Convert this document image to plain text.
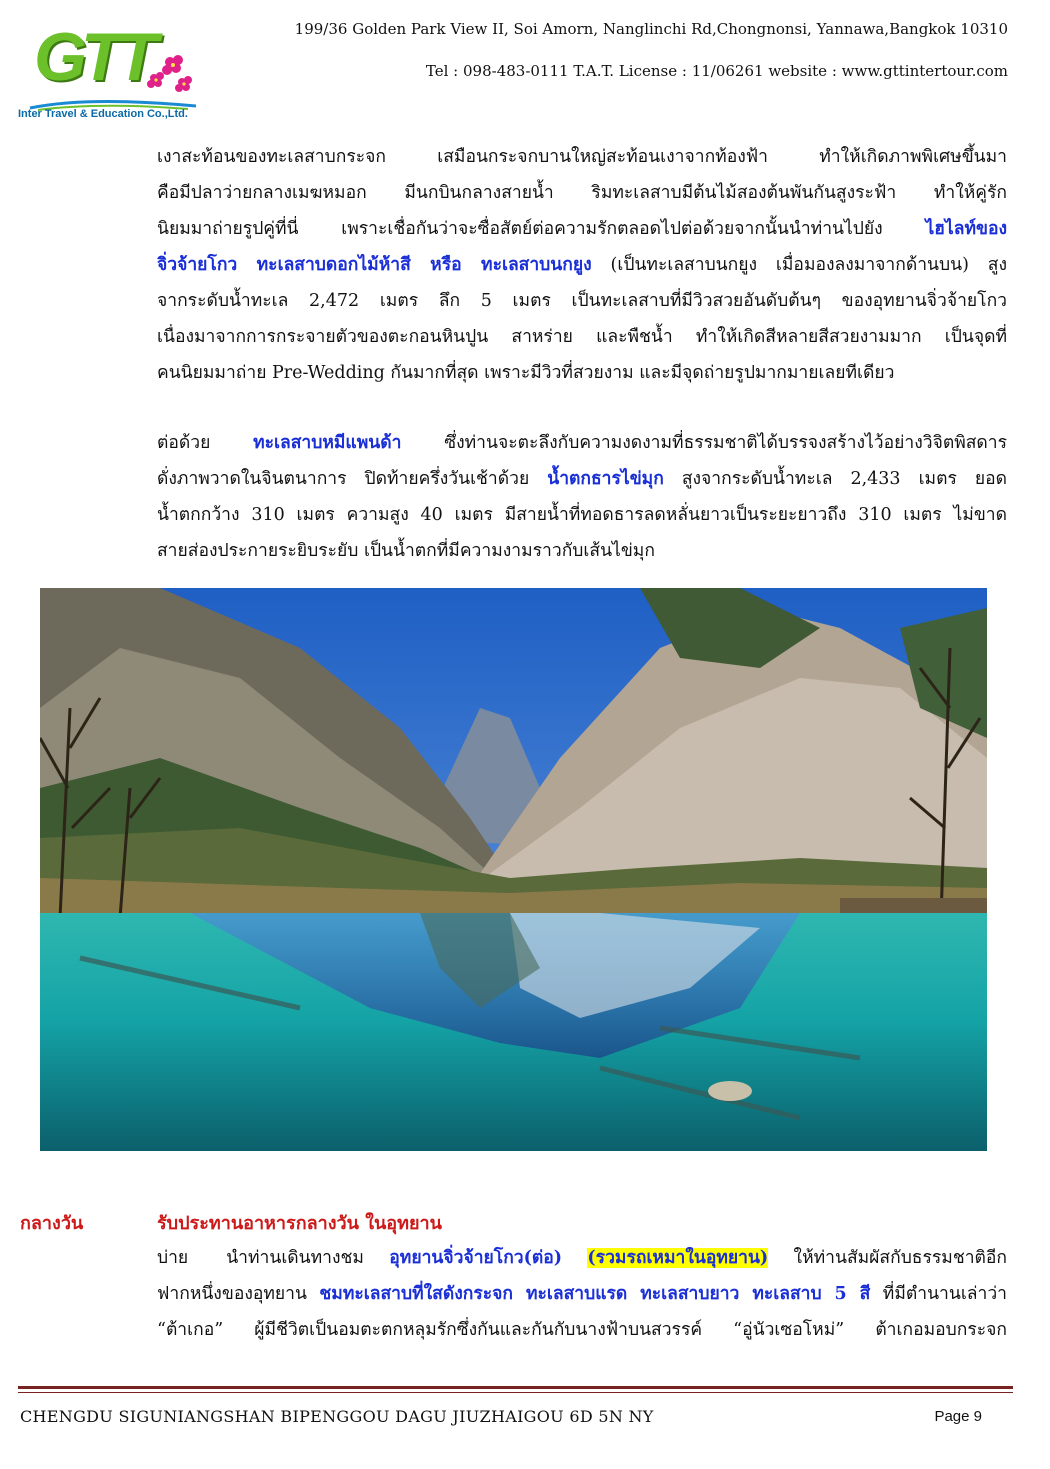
GTT
Inter Travel & Education Co.,Ltd.
199/36 Golden Park View II, Soi Amorn, Nanglinchi Rd,Chongnonsi, Yannawa,Bangkok 10310
Tel : 098-483-0111 T.A.T. License : 11/06261 website : www.gttintertour.com
เงาสะท้อนของทะเลสาบกระจก เสมือนกระจกบานใหญ่สะท้อนเงาจากท้องฟ้า ทำให้เกิดภาพพิเศษขึ้นมา
คือมีปลาว่ายกลางเมฆหมอก มีนกบินกลางสายน้ำ ริมทะเลสาบมีต้นไม้สองต้นพันกันสูงระฟ้า ทำให้คู่รัก
นิยมมาถ่ายรูปคู่ที่นี่ เพราะเชื่อกันว่าจะซื่อสัตย์ต่อความรักตลอดไปต่อด้วยจากนั้นนำท่านไปยัง ไฮไลท์ของ
จิ่วจ้ายโกว ทะเลสาบดอกไม้ห้าสี หรือ ทะเลสาบนกยูง (เป็นทะเลสาบนกยูง เมื่อมองลงมาจากด้านบน) สูง
จากระดับน้ำทะเล 2,472 เมตร ลึก 5 เมตร เป็นทะเลสาบที่มีวิวสวยอันดับต้นๆ ของอุทยานจิ่วจ้ายโกว
เนื่องมาจากการกระจายตัวของตะกอนหินปูน สาหร่าย และพืชน้ำ ทำให้เกิดสีหลายสีสวยงามมาก เป็นจุดที่
คนนิยมมาถ่าย Pre-Wedding กันมากที่สุด เพราะมีวิวที่สวยงาม และมีจุดถ่ายรูปมากมายเลยทีเดียว
ต่อด้วย ทะเลสาบหมีแพนด้า ซึ่งท่านจะตะลึงกับความงดงามที่ธรรมชาติได้บรรจงสร้างไว้อย่างวิจิตพิสดาร
ดั่งภาพวาดในจินตนาการ ปิดท้ายครึ่งวันเช้าด้วย น้ำตกธารไข่มุก สูงจากระดับน้ำทะเล 2,433 เมตร ยอด
น้ำตกกว้าง 310 เมตร ความสูง 40 เมตร มีสายน้ำที่ทอดธารลดหลั่นยาวเป็นระยะยาวถึง 310 เมตร ไม่ขาด
สายส่องประกายระยิบระยับ เป็นน้ำตกที่มีความงามราวกับเส้นไข่มุก
กลางวัน	รับประทานอาหารกลางวัน ในอุทยาน
บ่าย นำท่านเดินทางชม อุทยานจิ่วจ้ายโกว(ต่อ) (รวมรถเหมาในอุทยาน) ให้ท่านสัมผัสกับธรรมชาติอีก
ฟากหนึ่งของอุทยาน ชมทะเลสาบที่ใสดังกระจก ทะเลสาบแรด ทะเลสาบยาว ทะเลสาบ 5 สี ที่มีตำนานเล่าว่า
“ต้าเกอ” ผู้มีชีวิตเป็นอมตะตกหลุมรักซึ่งกันและกันกับนางฟ้าบนสวรรค์ “อู่นัวเซอโหม่” ต้าเกอมอบกระจก
CHENGDU SIGUNIANGSHAN BIPENGGOU DAGU JIUZHAIGOU 6D 5N NY	Page 9
